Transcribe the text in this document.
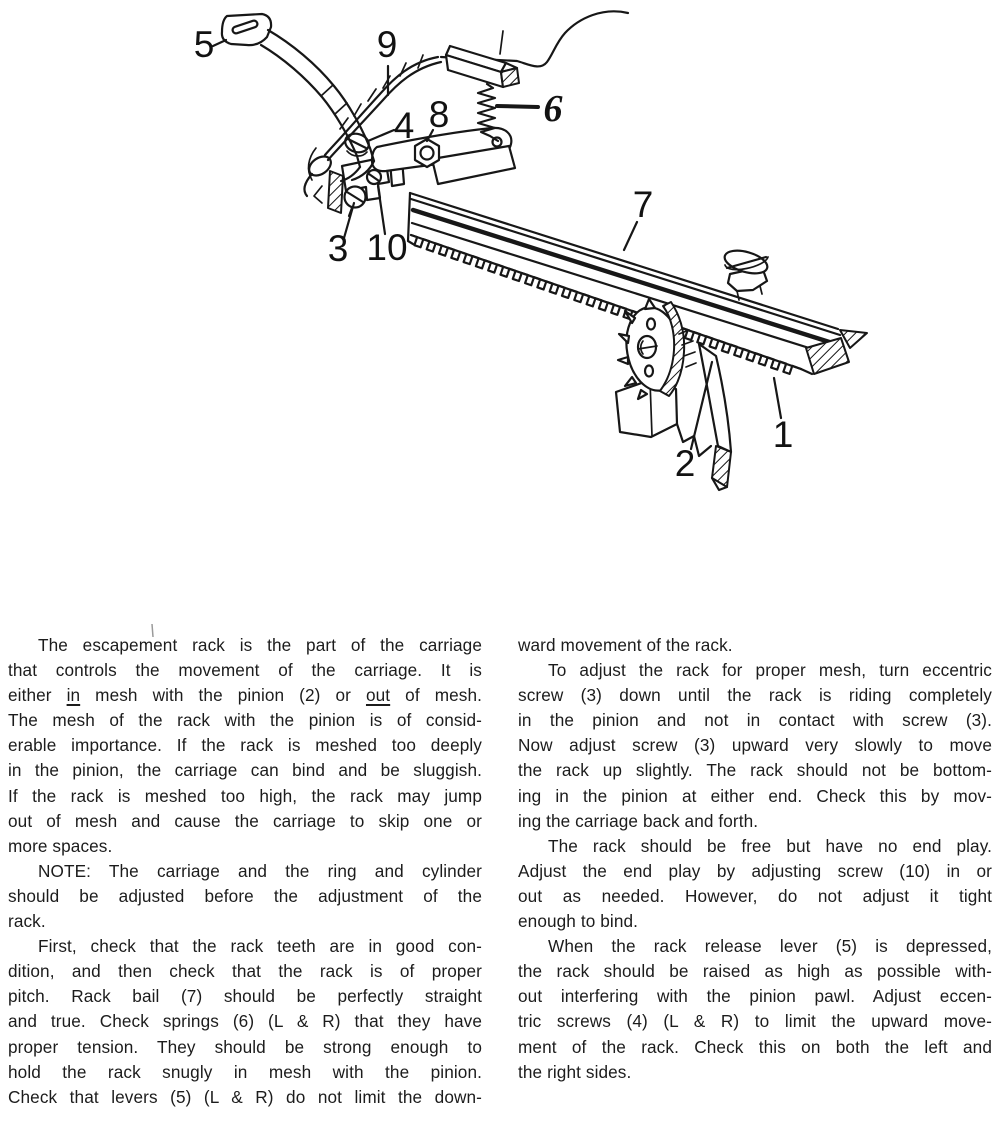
5	9
4 8 6
3 10
7
1
2
The escapement rack is the part of the carriage
that controls the movement of the carriage. It is
either in mesh with the pinion (2) or out of mesh.
The mesh of the rack with the pinion is of consid-
erable importance. If the rack is meshed too deeply
in the pinion, the carriage can bind and be sluggish.
If the rack is meshed too high, the rack may jump
out of mesh and cause the carriage to skip one or
more spaces.
NOTE: The carriage and the ring and cylinder
should be adjusted before the adjustment of the
rack.
First, check that the rack teeth are in good con-
dition, and then check that the rack is of proper
pitch. Rack bail (7) should be perfectly straight
and true. Check springs (6) (L & R) that they have
proper tension. They should be strong enough to
hold the rack snugly in mesh with the pinion.
Check that levers (5) (L & R) do not limit the down-
ward movement of the rack.
To adjust the rack for proper mesh, turn eccentric
screw (3) down until the rack is riding completely
in the pinion and not in contact with screw (3).
Now adjust screw (3) upward very slowly to move
the rack up slightly. The rack should not be bottom-
ing in the pinion at either end. Check this by mov-
ing the carriage back and forth.
The rack should be free but have no end play.
Adjust the end play by adjusting screw (10) in or
out as needed. However, do not adjust it tight
enough to bind.
When the rack release lever (5) is depressed,
the rack should be raised as high as possible with-
out interfering with the pinion pawl. Adjust eccen-
tric screws (4) (L & R) to limit the upward move-
ment of the rack. Check this on both the left and
the right sides.
